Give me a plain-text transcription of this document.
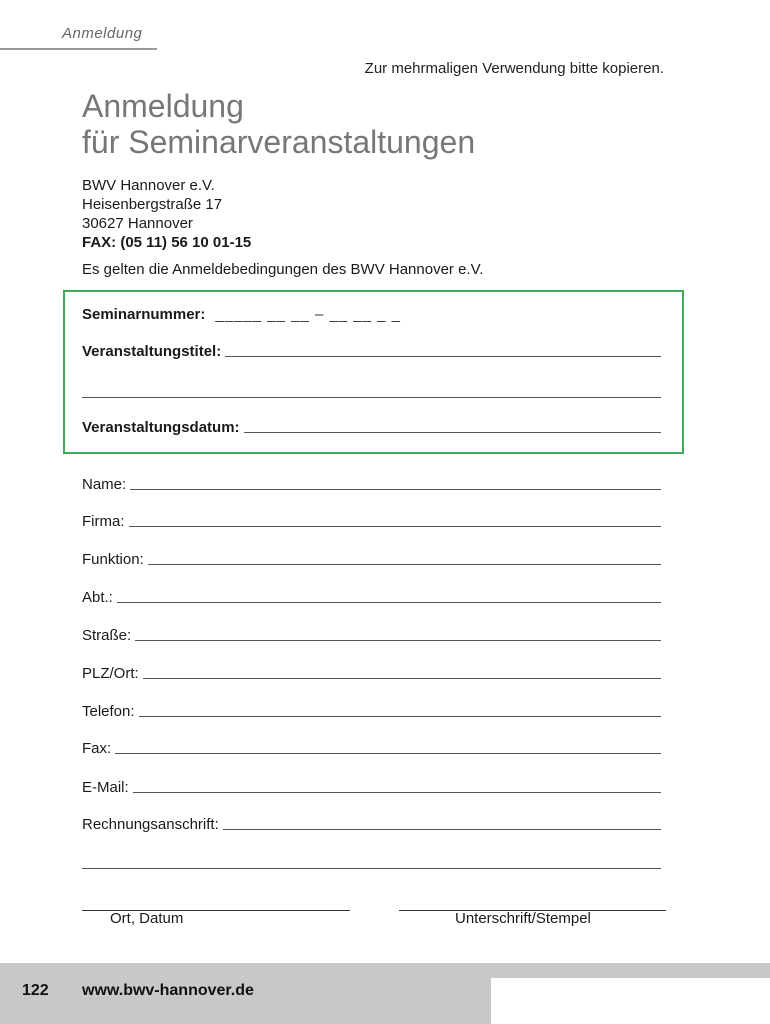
Anmeldung
Zur mehrmaligen Verwendung bitte kopieren.
Anmeldung
für Seminarveranstaltungen
BWV Hannover e.V.
Heisenbergstraße 17
30627 Hannover
FAX: (05 11) 56 10 01-15
Es gelten die Anmeldebedingungen des BWV Hannover e.V.
Seminarnummer: _____ __ __ – __ __ _ _
Veranstaltungstitel:
Veranstaltungsdatum:
Name:
Firma:
Funktion:
Abt.:
Straße:
PLZ/Ort:
Telefon:
Fax:
E-Mail:
Rechnungsanschrift:
Ort, Datum	Unterschrift/Stempel
122 www.bwv-hannover.de
